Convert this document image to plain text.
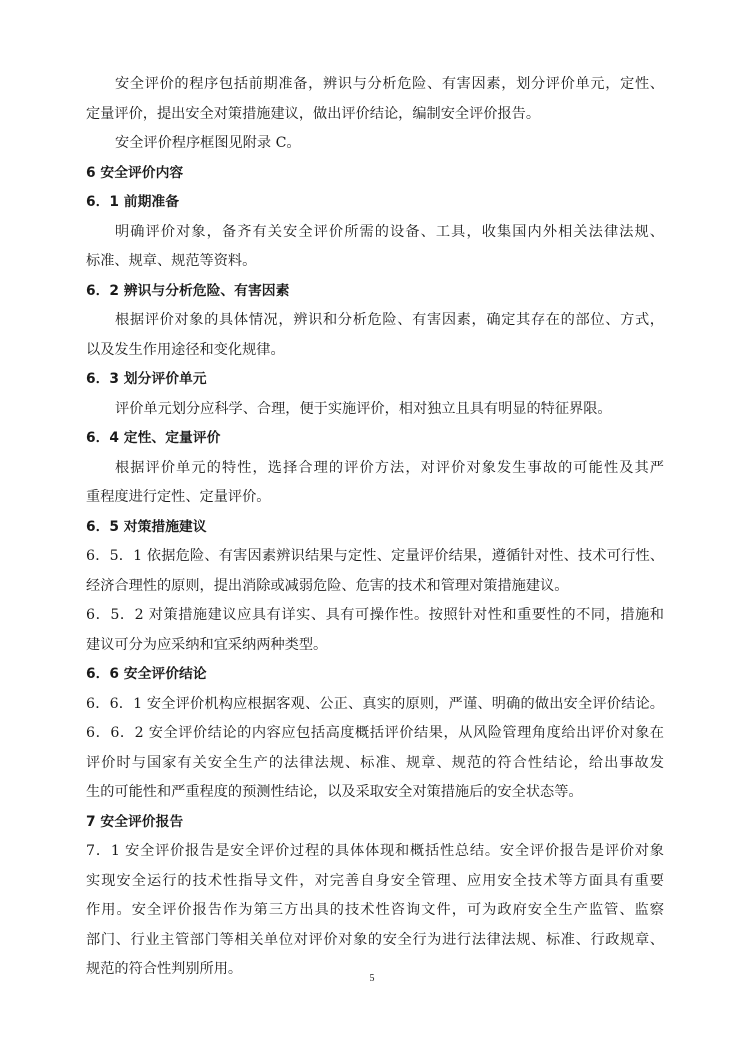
安全评价的程序包括前期准备，辨识与分析危险、有害因素，划分评价单元，定性、
定量评价，提出安全对策措施建议，做出评价结论，编制安全评价报告。
安全评价程序框图见附录 C。
6 安全评价内容
6．1 前期准备
明确评价对象，备齐有关安全评价所需的设备、工具，收集国内外相关法律法规、
标准、规章、规范等资料。
6．2 辨识与分析危险、有害因素
根据评价对象的具体情况，辨识和分析危险、有害因素，确定其存在的部位、方式，
以及发生作用途径和变化规律。
6．3 划分评价单元
评价单元划分应科学、合理，便于实施评价，相对独立且具有明显的特征界限。
6．4 定性、定量评价
根据评价单元的特性，选择合理的评价方法，对评价对象发生事故的可能性及其严
重程度进行定性、定量评价。
6．5 对策措施建议
6．5．1 依据危险、有害因素辨识结果与定性、定量评价结果，遵循针对性、技术可行性、
经济合理性的原则，提出消除或减弱危险、危害的技术和管理对策措施建议。
6．5．2 对策措施建议应具有详实、具有可操作性。按照针对性和重要性的不同，措施和
建议可分为应采纳和宜采纳两种类型。
6．6 安全评价结论
6．6．1 安全评价机构应根据客观、公正、真实的原则，严谨、明确的做出安全评价结论。
6．6．2 安全评价结论的内容应包括高度概括评价结果，从风险管理角度给出评价对象在
评价时与国家有关安全生产的法律法规、标准、规章、规范的符合性结论，给出事故发
生的可能性和严重程度的预测性结论，以及采取安全对策措施后的安全状态等。
7 安全评价报告
7．1 安全评价报告是安全评价过程的具体体现和概括性总结。安全评价报告是评价对象
实现安全运行的技术性指导文件，对完善自身安全管理、应用安全技术等方面具有重要
作用。安全评价报告作为第三方出具的技术性咨询文件，可为政府安全生产监管、监察
部门、行业主管部门等相关单位对评价对象的安全行为进行法律法规、标准、行政规章、
规范的符合性判别所用。
5
